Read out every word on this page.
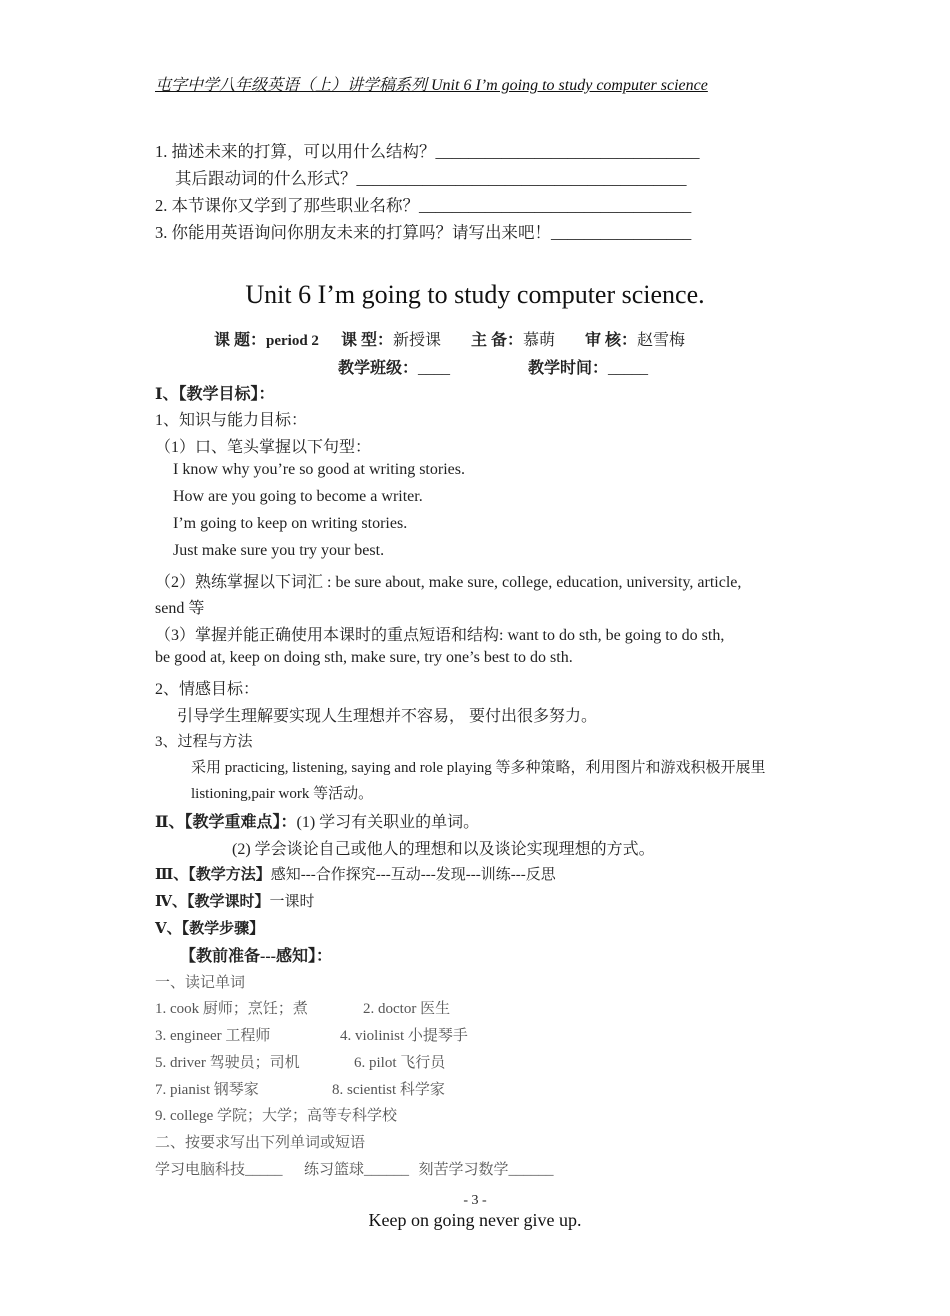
屯字中学八年级英语（上）讲学稿系列 Unit 6 I’m going to study computer science
1. 描述未来的打算，可以用什么结构？________________________________
其后跟动词的什么形式？________________________________________
2. 本节课你又学到了那些职业名称？_________________________________
3. 你能用英语询问你朋友未来的打算吗？请写出来吧！_________________
Unit 6 I’m going to study computer science.
课 题：period 2 课 型：新授课 主 备：慕萌 审 核：赵雪梅
教学班级：____	教学时间：_____
Ⅰ、【教学目标】：
1、知识与能力目标：
（1）口、笔头掌握以下句型：
I know why you’re so good at writing stories.
How are you going to become a writer.
I’m going to keep on writing stories.
Just make sure you try your best.
（2）熟练掌握以下词汇 : be sure about, make sure, college, education, university, article,
send 等
（3）掌握并能正确使用本课时的重点短语和结构: want to do sth, be going to do sth,
be good at, keep on doing sth, make sure, try one’s best to do sth.
2、情感目标：
引导学生理解要实现人生理想并不容易， 要付出很多努力。
3、过程与方法
采用 practicing, listening, saying and role playing 等多种策略，利用图片和游戏积极开展里
listioning,pair work 等活动。
Ⅱ、【教学重难点】：(1) 学习有关职业的单词。
(2) 学会谈论自己或他人的理想和以及谈论实现理想的方式。
Ⅲ、【教学方法】感知---合作探究---互动---发现---训练---反思
Ⅳ、【教学课时】一课时
Ⅴ、【教学步骤】
【教前准备---感知】：
一、读记单词
1. cook 厨师；烹饪；煮	2. doctor 医生
3. engineer 工程师	4. violinist 小提琴手
5. driver 驾驶员；司机	6. pilot 飞行员
7. pianist 钢琴家	8. scientist 科学家
9. college 学院；大学；高等专科学校
二、按要求写出下列单词或短语
学习电脑科技_____ 练习篮球______ 刻苦学习数学______
- 3 -
Keep on going never give up.
